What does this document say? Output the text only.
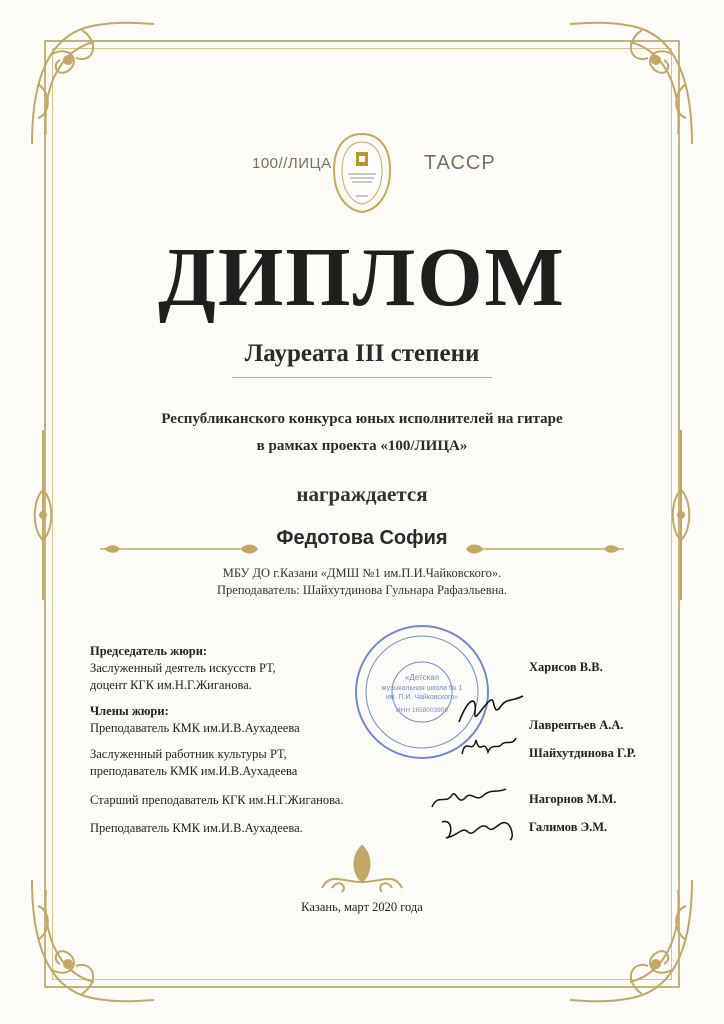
100//ЛИЦА	ТАССР
ДИПЛОМ
Лауреата III степени
Республиканского конкурса юных исполнителей на гитаре
в рамках проекта «100/ЛИЦА»
награждается
Федотова София
МБУ ДО г.Казани «ДМШ №1 им.П.И.Чайковского».
Преподаватель: Шайхутдинова Гульнара Рафаэльевна.
Председатель жюри:
Заслуженный деятель искусств РТ,
доцент КГК им.Н.Г.Жиганова.
Члены жюри:
Преподаватель КМК им.И.В.Аухадеева
Заслуженный работник культуры РТ,
преподаватель КМК им.И.В.Аухадеева
Старший преподаватель КГК им.Н.Г.Жиганова.
Преподаватель КМК им.И.В.Аухадеева.
«Детская
музыкальная школа № 1
им. П.И. Чайковского»
ИНН 1658003909
Харисов В.В.
Лаврентьев А.А.
Шайхутдинова Г.Р.
Нагорнов М.М.
Галимов Э.М.
Казань, март 2020 года
